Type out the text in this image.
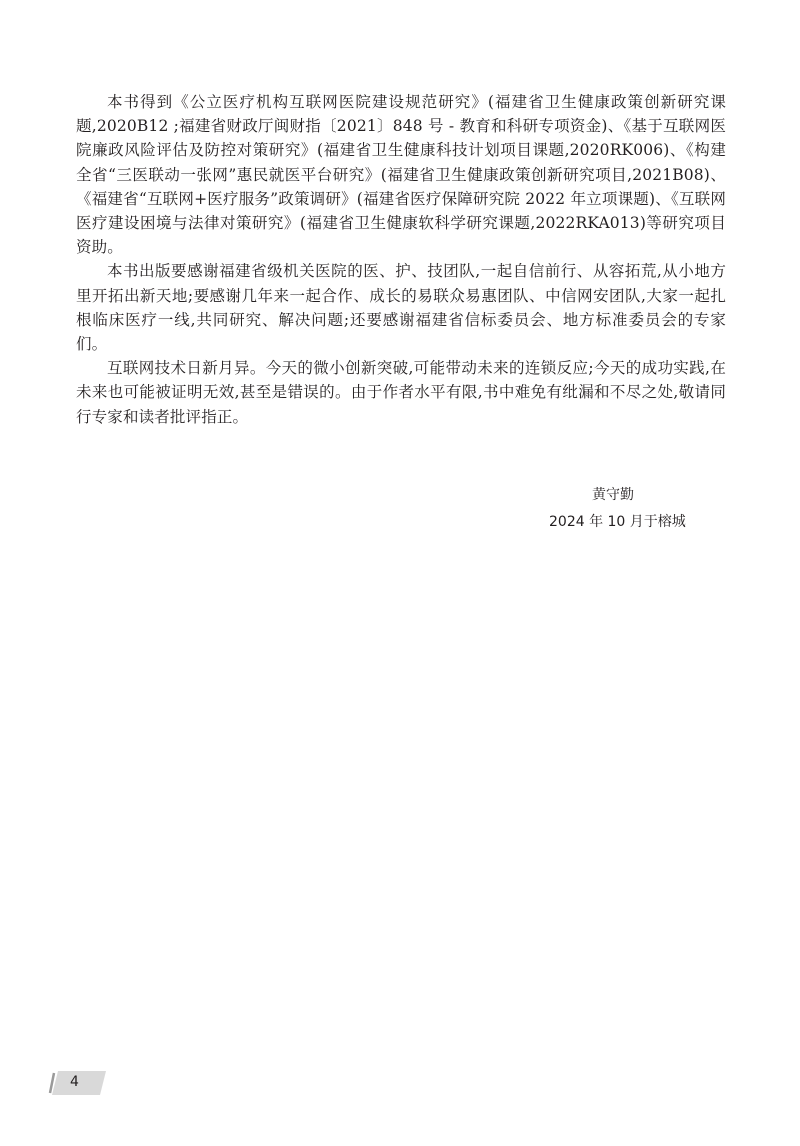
本书得到《公立医疗机构互联网医院建设规范研究》(福建省卫生健康政策创新研究课题,2020B12 ;福建省财政厅闽财指〔2021〕848 号 - 教育和科研专项资金)、《基于互联网医院廉政风险评估及防控对策研究》(福建省卫生健康科技计划项目课题,2020RK006)、《构建全省“三医联动一张网”惠民就医平台研究》(福建省卫生健康政策创新研究项目,2021B08)、《福建省“互联网+医疗服务”政策调研》(福建省医疗保障研究院 2022 年立项课题)、《互联网医疗建设困境与法律对策研究》(福建省卫生健康软科学研究课题,2022RKA013)等研究项目资助。

本书出版要感谢福建省级机关医院的医、护、技团队,一起自信前行、从容拓荒,从小地方里开拓出新天地;要感谢几年来一起合作、成长的易联众易惠团队、中信网安团队,大家一起扎根临床医疗一线,共同研究、解决问题;还要感谢福建省信标委员会、地方标准委员会的专家们。

互联网技术日新月异。今天的微小创新突破,可能带动未来的连锁反应;今天的成功实践,在未来也可能被证明无效,甚至是错误的。由于作者水平有限,书中难免有纰漏和不尽之处,敬请同行专家和读者批评指正。

黄守勤
2024 年 10 月于榕城
4
